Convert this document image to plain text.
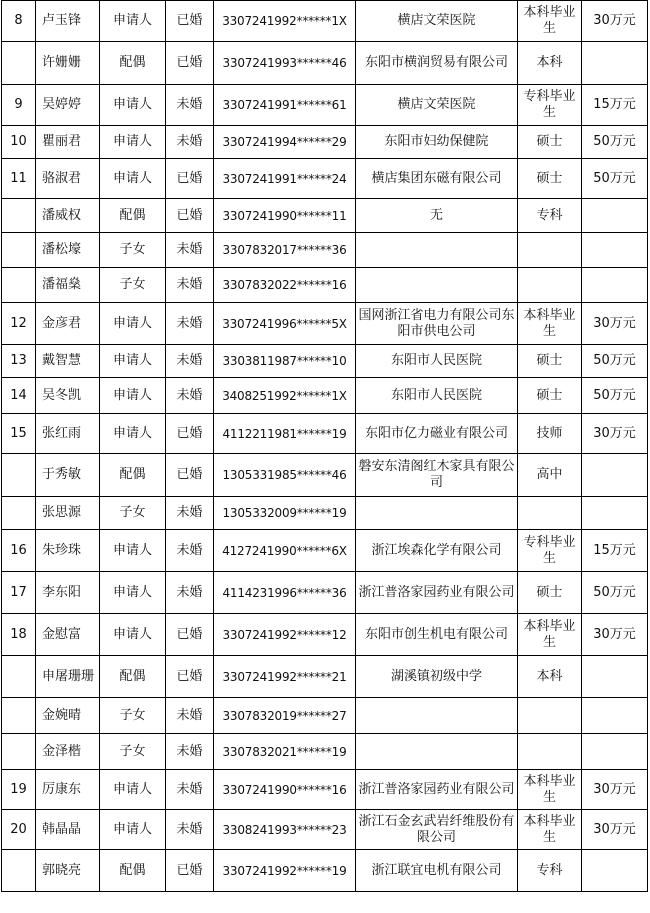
8	卢玉锋	申请人	已婚	3307241992******1X	横店文荣医院	本科毕业生	30万元
	许姗姗	配偶	已婚	3307241993******46	东阳市横润贸易有限公司	本科	
9	吴婷婷	申请人	未婚	3307241991******61	横店文荣医院	专科毕业生	15万元
10	瞿丽君	申请人	未婚	3307241994******29	东阳市妇幼保健院	硕士	50万元
11	骆淑君	申请人	已婚	3307241991******24	横店集团东磁有限公司	硕士	50万元
	潘威权	配偶	已婚	3307241990******11	无	专科	
	潘松壕	子女	未婚	3307832017******36			
	潘福燊	子女	未婚	3307832022******16			
12	金彦君	申请人	未婚	3307241996******5X	国网浙江省电力有限公司东阳市供电公司	本科毕业生	30万元
13	戴智慧	申请人	未婚	3303811987******10	东阳市人民医院	硕士	50万元
14	吴冬凯	申请人	未婚	3408251992******1X	东阳市人民医院	硕士	50万元
15	张红雨	申请人	已婚	4112211981******19	东阳市亿力磁业有限公司	技师	30万元
	于秀敏	配偶	已婚	1305331985******46	磐安东清阁红木家具有限公司	高中	
	张思源	子女	未婚	1305332009******19			
16	朱珍珠	申请人	未婚	4127241990******6X	浙江埃森化学有限公司	专科毕业生	15万元
17	李东阳	申请人	未婚	4114231996******36	浙江普洛家园药业有限公司	硕士	50万元
18	金慰富	申请人	已婚	3307241992******12	东阳市创生机电有限公司	本科毕业生	30万元
	申屠珊珊	配偶	已婚	3307241992******21	湖溪镇初级中学	本科	
	金婉晴	子女	未婚	3307832019******27			
	金泽楷	子女	未婚	3307832021******19			
19	厉康东	申请人	未婚	3307241990******16	浙江普洛家园药业有限公司	本科毕业生	30万元
20	韩晶晶	申请人	未婚	3308241993******23	浙江石金玄武岩纤维股份有限公司	本科毕业生	30万元
	郭晓亮	配偶	已婚	3307241992******19	浙江联宜电机有限公司	专科	
